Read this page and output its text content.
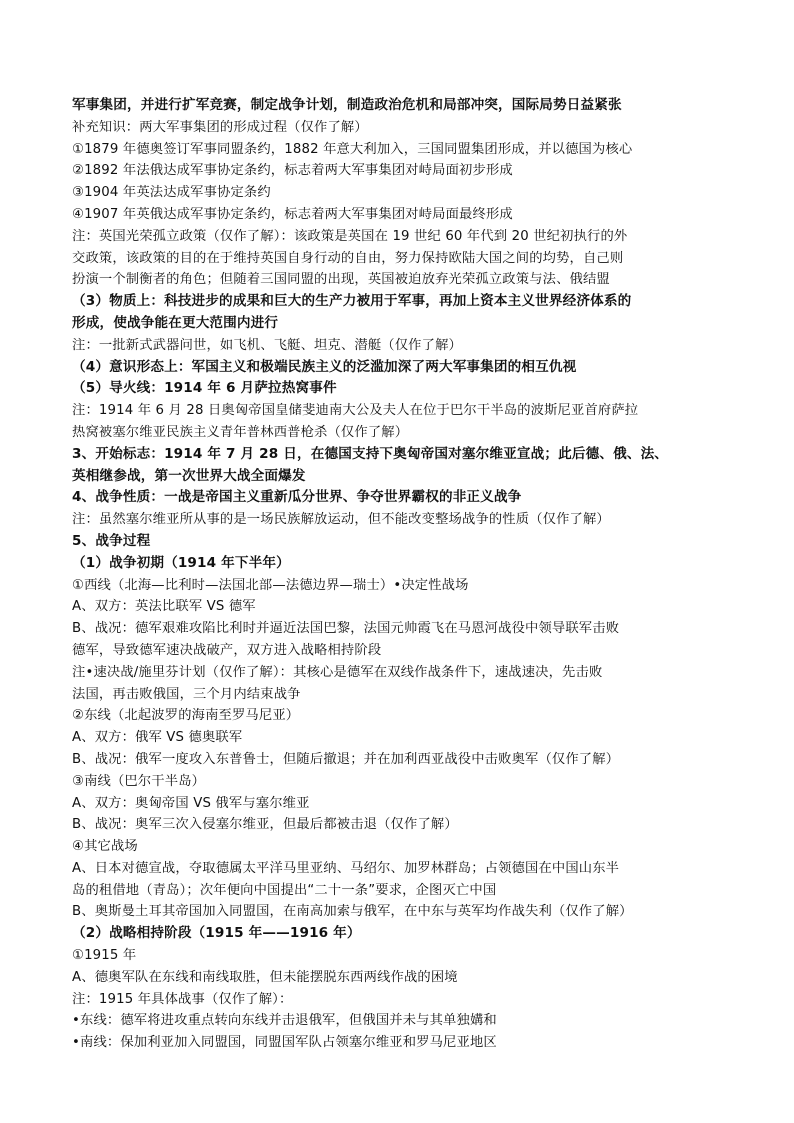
军事集团，并进行扩军竞赛，制定战争计划，制造政治危机和局部冲突，国际局势日益紧张
补充知识：两大军事集团的形成过程（仅作了解）
①1879 年德奥签订军事同盟条约，1882 年意大利加入，三国同盟集团形成，并以德国为核心
②1892 年法俄达成军事协定条约，标志着两大军事集团对峙局面初步形成
③1904 年英法达成军事协定条约
④1907 年英俄达成军事协定条约，标志着两大军事集团对峙局面最终形成
注：英国光荣孤立政策（仅作了解）：该政策是英国在 19 世纪 60 年代到 20 世纪初执行的外
交政策，该政策的目的在于维持英国自身行动的自由，努力保持欧陆大国之间的均势，自己则
扮演一个制衡者的角色；但随着三国同盟的出现，英国被迫放弃光荣孤立政策与法、俄结盟
（3）物质上：科技进步的成果和巨大的生产力被用于军事，再加上资本主义世界经济体系的
形成，使战争能在更大范围内进行
注：一批新式武器问世，如飞机、飞艇、坦克、潜艇（仅作了解）
（4）意识形态上：军国主义和极端民族主义的泛滥加深了两大军事集团的相互仇视
（5）导火线：1914 年 6 月萨拉热窝事件
注：1914 年 6 月 28 日奥匈帝国皇储斐迪南大公及夫人在位于巴尔干半岛的波斯尼亚首府萨拉
热窝被塞尔维亚民族主义青年普林西普枪杀（仅作了解）
3、开始标志：1914 年 7 月 28 日，在德国支持下奥匈帝国对塞尔维亚宣战；此后德、俄、法、
英相继参战，第一次世界大战全面爆发
4、战争性质：一战是帝国主义重新瓜分世界、争夺世界霸权的非正义战争
注：虽然塞尔维亚所从事的是一场民族解放运动，但不能改变整场战争的性质（仅作了解）
5、战争过程
（1）战争初期（1914 年下半年）
①西线（北海—比利时—法国北部—法德边界—瑞士）•决定性战场
A、双方：英法比联军 VS 德军
B、战况：德军艰难攻陷比利时并逼近法国巴黎，法国元帅霞飞在马恩河战役中领导联军击败
德军，导致德军速决战破产，双方进入战略相持阶段
注•速决战/施里芬计划（仅作了解）：其核心是德军在双线作战条件下，速战速决，先击败
法国，再击败俄国，三个月内结束战争
②东线（北起波罗的海南至罗马尼亚）
A、双方：俄军 VS 德奥联军
B、战况：俄军一度攻入东普鲁士，但随后撤退；并在加利西亚战役中击败奥军（仅作了解）
③南线（巴尔干半岛）
A、双方：奥匈帝国 VS 俄军与塞尔维亚
B、战况：奥军三次入侵塞尔维亚，但最后都被击退（仅作了解）
④其它战场
A、日本对德宣战，夺取德属太平洋马里亚纳、马绍尔、加罗林群岛；占领德国在中国山东半
岛的租借地（青岛）；次年便向中国提出“二十一条”要求，企图灭亡中国
B、奥斯曼土耳其帝国加入同盟国，在南高加索与俄军，在中东与英军均作战失利（仅作了解）
（2）战略相持阶段（1915 年——1916 年）
①1915 年
A、德奥军队在东线和南线取胜，但未能摆脱东西两线作战的困境
注：1915 年具体战事（仅作了解）：
•东线：德军将进攻重点转向东线并击退俄军，但俄国并未与其单独媾和
•南线：保加利亚加入同盟国，同盟国军队占领塞尔维亚和罗马尼亚地区
